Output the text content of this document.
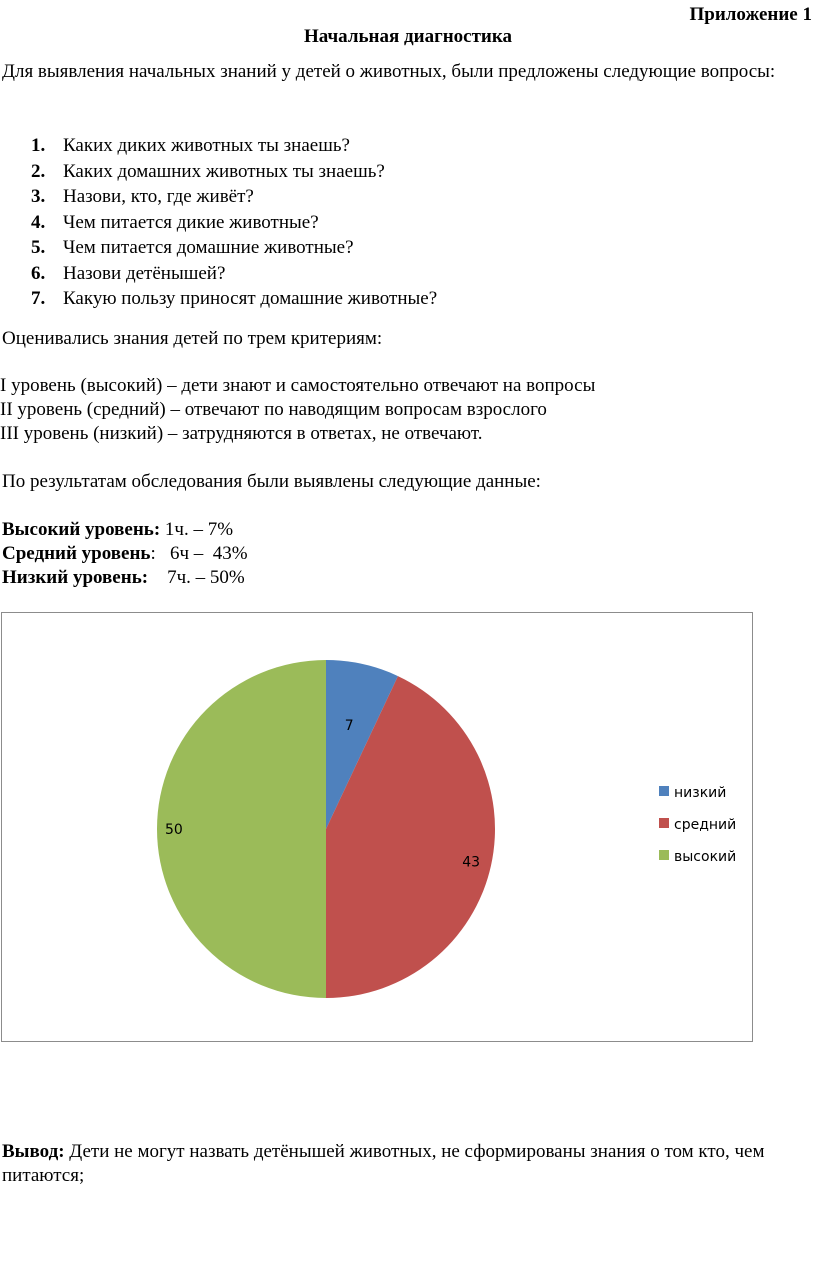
Приложение 1
Начальная диагностика
Для выявления начальных знаний у детей о животных, были предложены следующие вопросы:
1. Каких диких животных ты знаешь?
2. Каких домашних животных ты знаешь?
3. Назови, кто, где живёт?
4. Чем питается дикие животные?
5. Чем питается домашние животные?
6. Назови детёнышей?
7. Какую пользу приносят домашние животные?
Оценивались знания детей по трем критериям:
I уровень (высокий) – дети знают и самостоятельно отвечают на вопросы
II уровень (средний) – отвечают по наводящим вопросам взрослого
III уровень (низкий) – затрудняются в ответах, не отвечают.
По результатам обследования были выявлены следующие данные:
Высокий уровень: 1ч. – 7%
Средний уровень:   6ч –  43%
Низкий уровень:    7ч. – 50%
7
43
50
низкий
средний
высокий
Вывод: Дети не могут назвать детёнышей животных, не сформированы знания о том кто, чем питаются;
